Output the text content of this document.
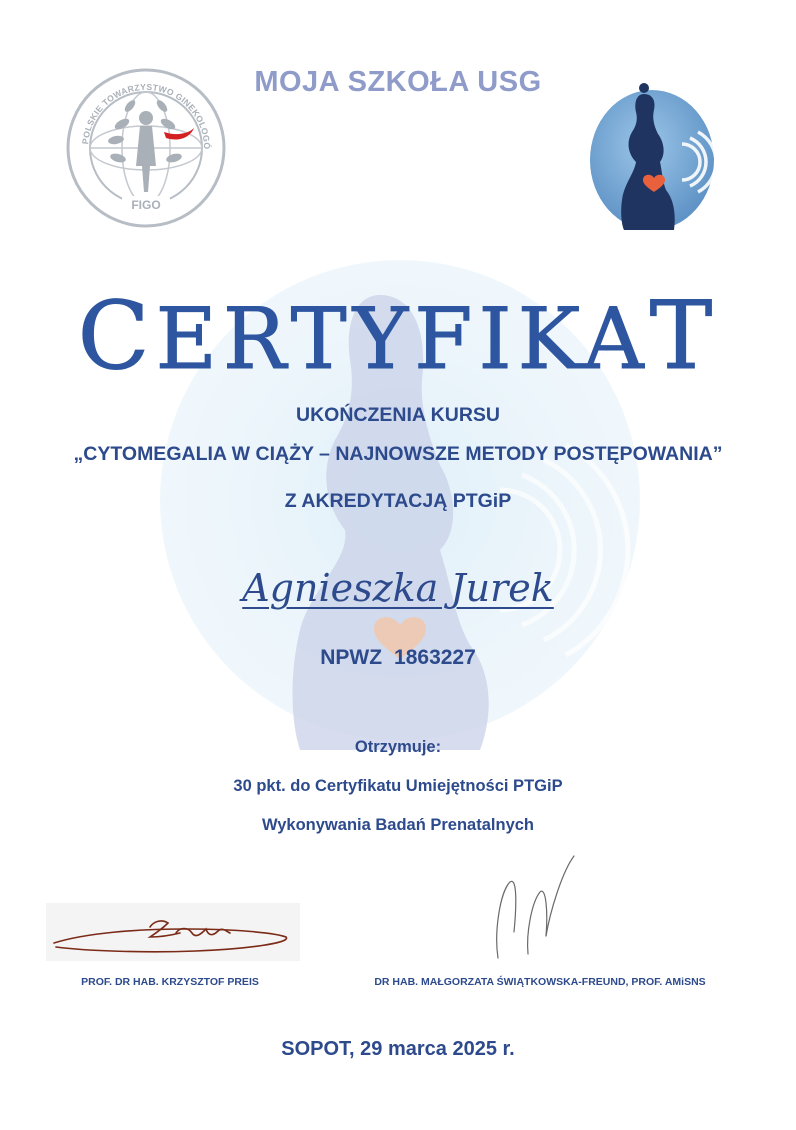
MOJA SZKOŁA USG
POLSKIE TOWARZYSTWO GINEKOLOGÓ
FIGO
CERTYFIKAT
UKOŃCZENIA KURSU
„CYTOMEGALIA W CIĄŻY – NAJNOWSZE METODY POSTĘPOWANIA”
Z AKREDYTACJĄ PTGiP
Agnieszka Jurek
NPWZ 1863227
Otrzymuje:
30 pkt. do Certyfikatu Umiejętności PTGiP
Wykonywania Badań Prenatalnych
PROF. DR HAB. KRZYSZTOF PREIS	DR HAB. MAŁGORZATA ŚWIĄTKOWSKA-FREUND, PROF. AMiSNS
SOPOT, 29 marca 2025 r.
